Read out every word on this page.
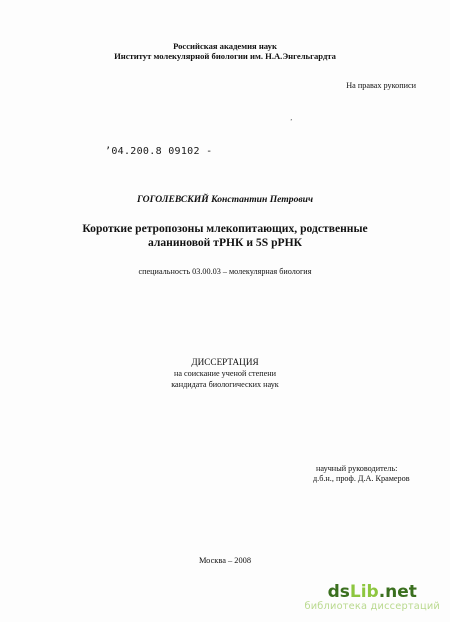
Российская академия наук
Институт молекулярной биологии им. Н.А.Энгельгардта
На правах рукописи
’
’04.200.8 09102 -
ГОГОЛЕВСКИЙ Константин Петрович
Короткие ретропозоны млекопитающих, родственные
аланиновой тРНК и 5S рРНК
специальность 03.00.03 – молекулярная биология
ДИССЕРТАЦИЯ
на соискание ученой степени
кандидата биологических наук
научный руководитель:
д.б.н., проф. Д.А. Крамеров
Москва – 2008
dsLib.net
библиотека диссертаций
